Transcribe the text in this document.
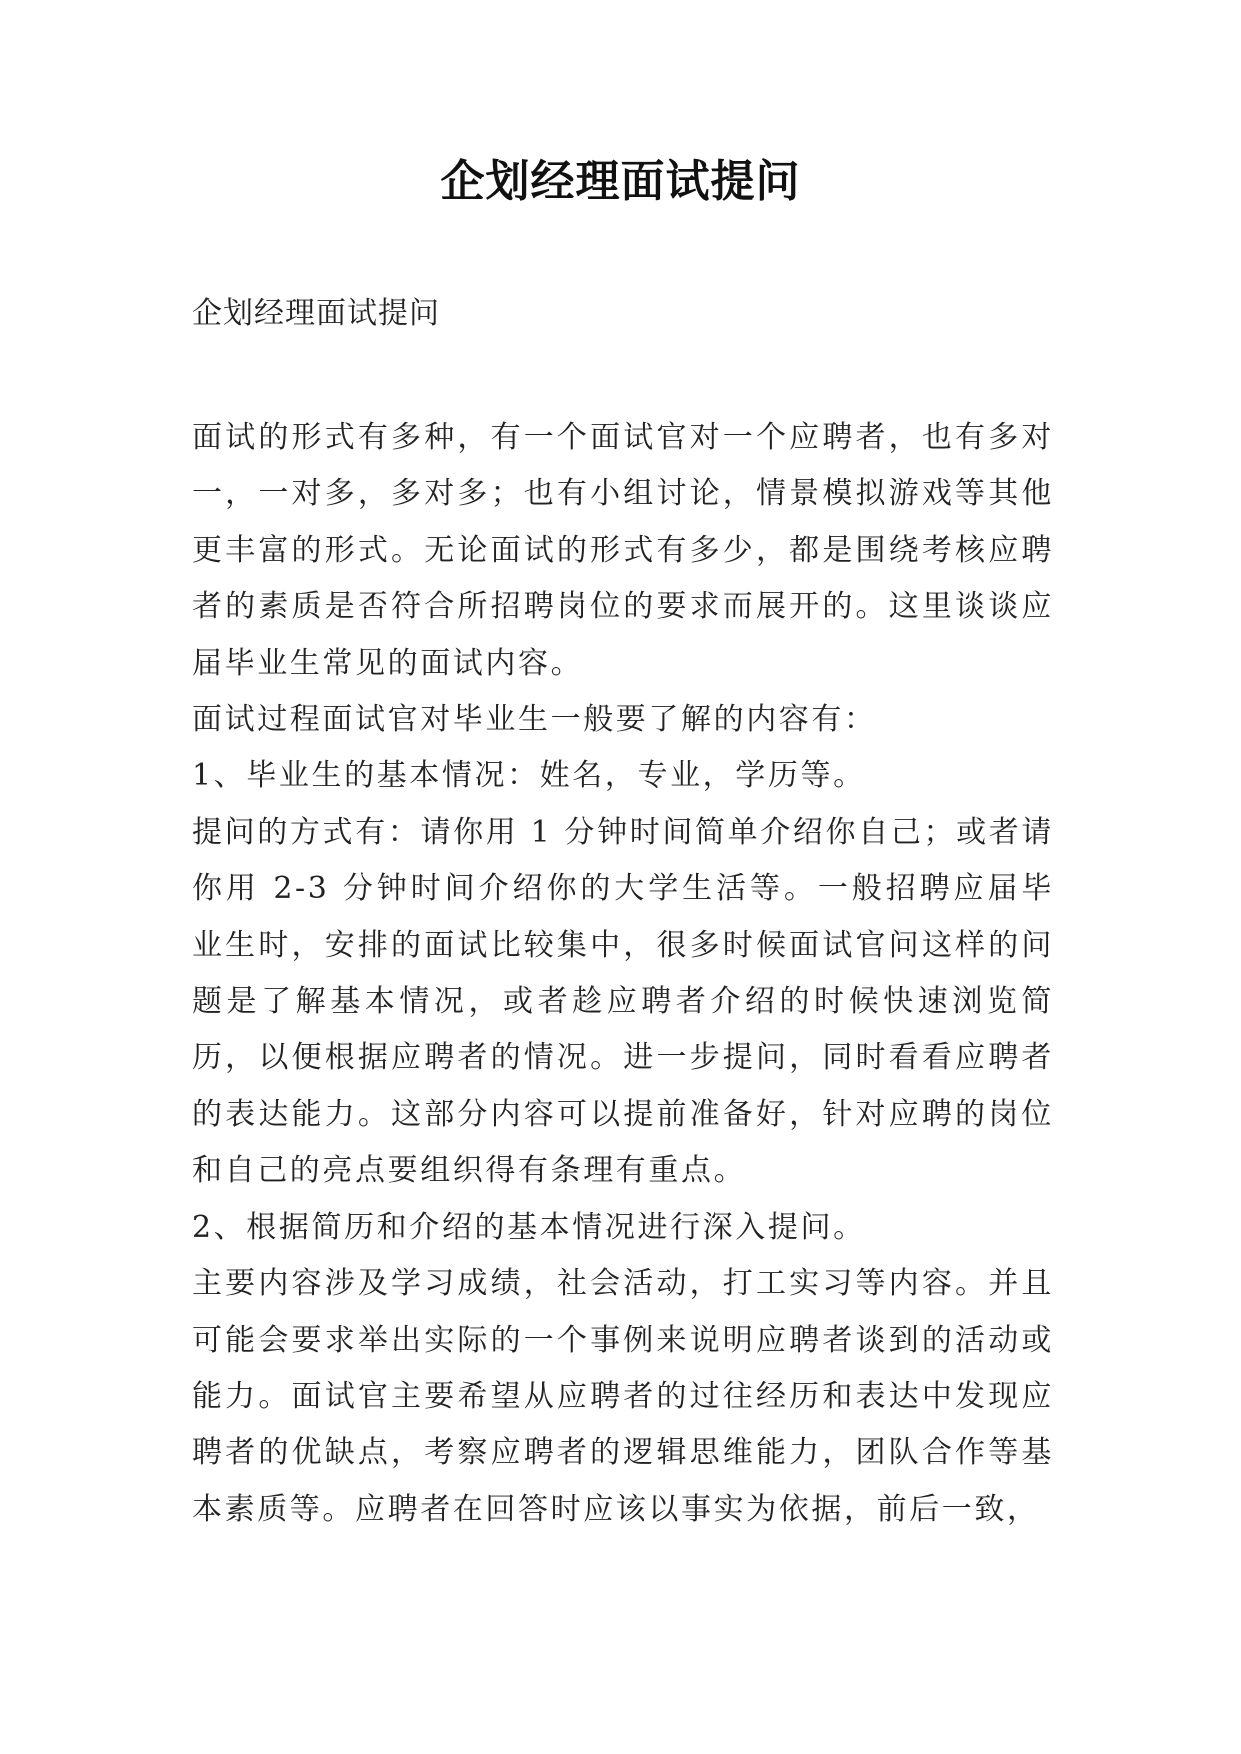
企划经理面试提问
企划经理面试提问

面试的形式有多种，有一个面试官对一个应聘者，也有多对一，一对多，多对多；也有小组讨论，情景模拟游戏等其他更丰富的形式。无论面试的形式有多少，都是围绕考核应聘者的素质是否符合所招聘岗位的要求而展开的。这里谈谈应届毕业生常见的面试内容。

面试过程面试官对毕业生一般要了解的内容有：

1、毕业生的基本情况：姓名，专业，学历等。

提问的方式有：请你用 1 分钟时间简单介绍你自己；或者请你用 2-3 分钟时间介绍你的大学生活等。一般招聘应届毕业生时，安排的面试比较集中，很多时候面试官问这样的问题是了解基本情况，或者趁应聘者介绍的时候快速浏览简历，以便根据应聘者的情况。进一步提问，同时看看应聘者的表达能力。这部分内容可以提前准备好，针对应聘的岗位和自己的亮点要组织得有条理有重点。

2、根据简历和介绍的基本情况进行深入提问。

主要内容涉及学习成绩，社会活动，打工实习等内容。并且可能会要求举出实际的一个事例来说明应聘者谈到的活动或能力。面试官主要希望从应聘者的过往经历和表达中发现应聘者的优缺点，考察应聘者的逻辑思维能力，团队合作等基本素质等。应聘者在回答时应该以事实为依据，前后一致，
